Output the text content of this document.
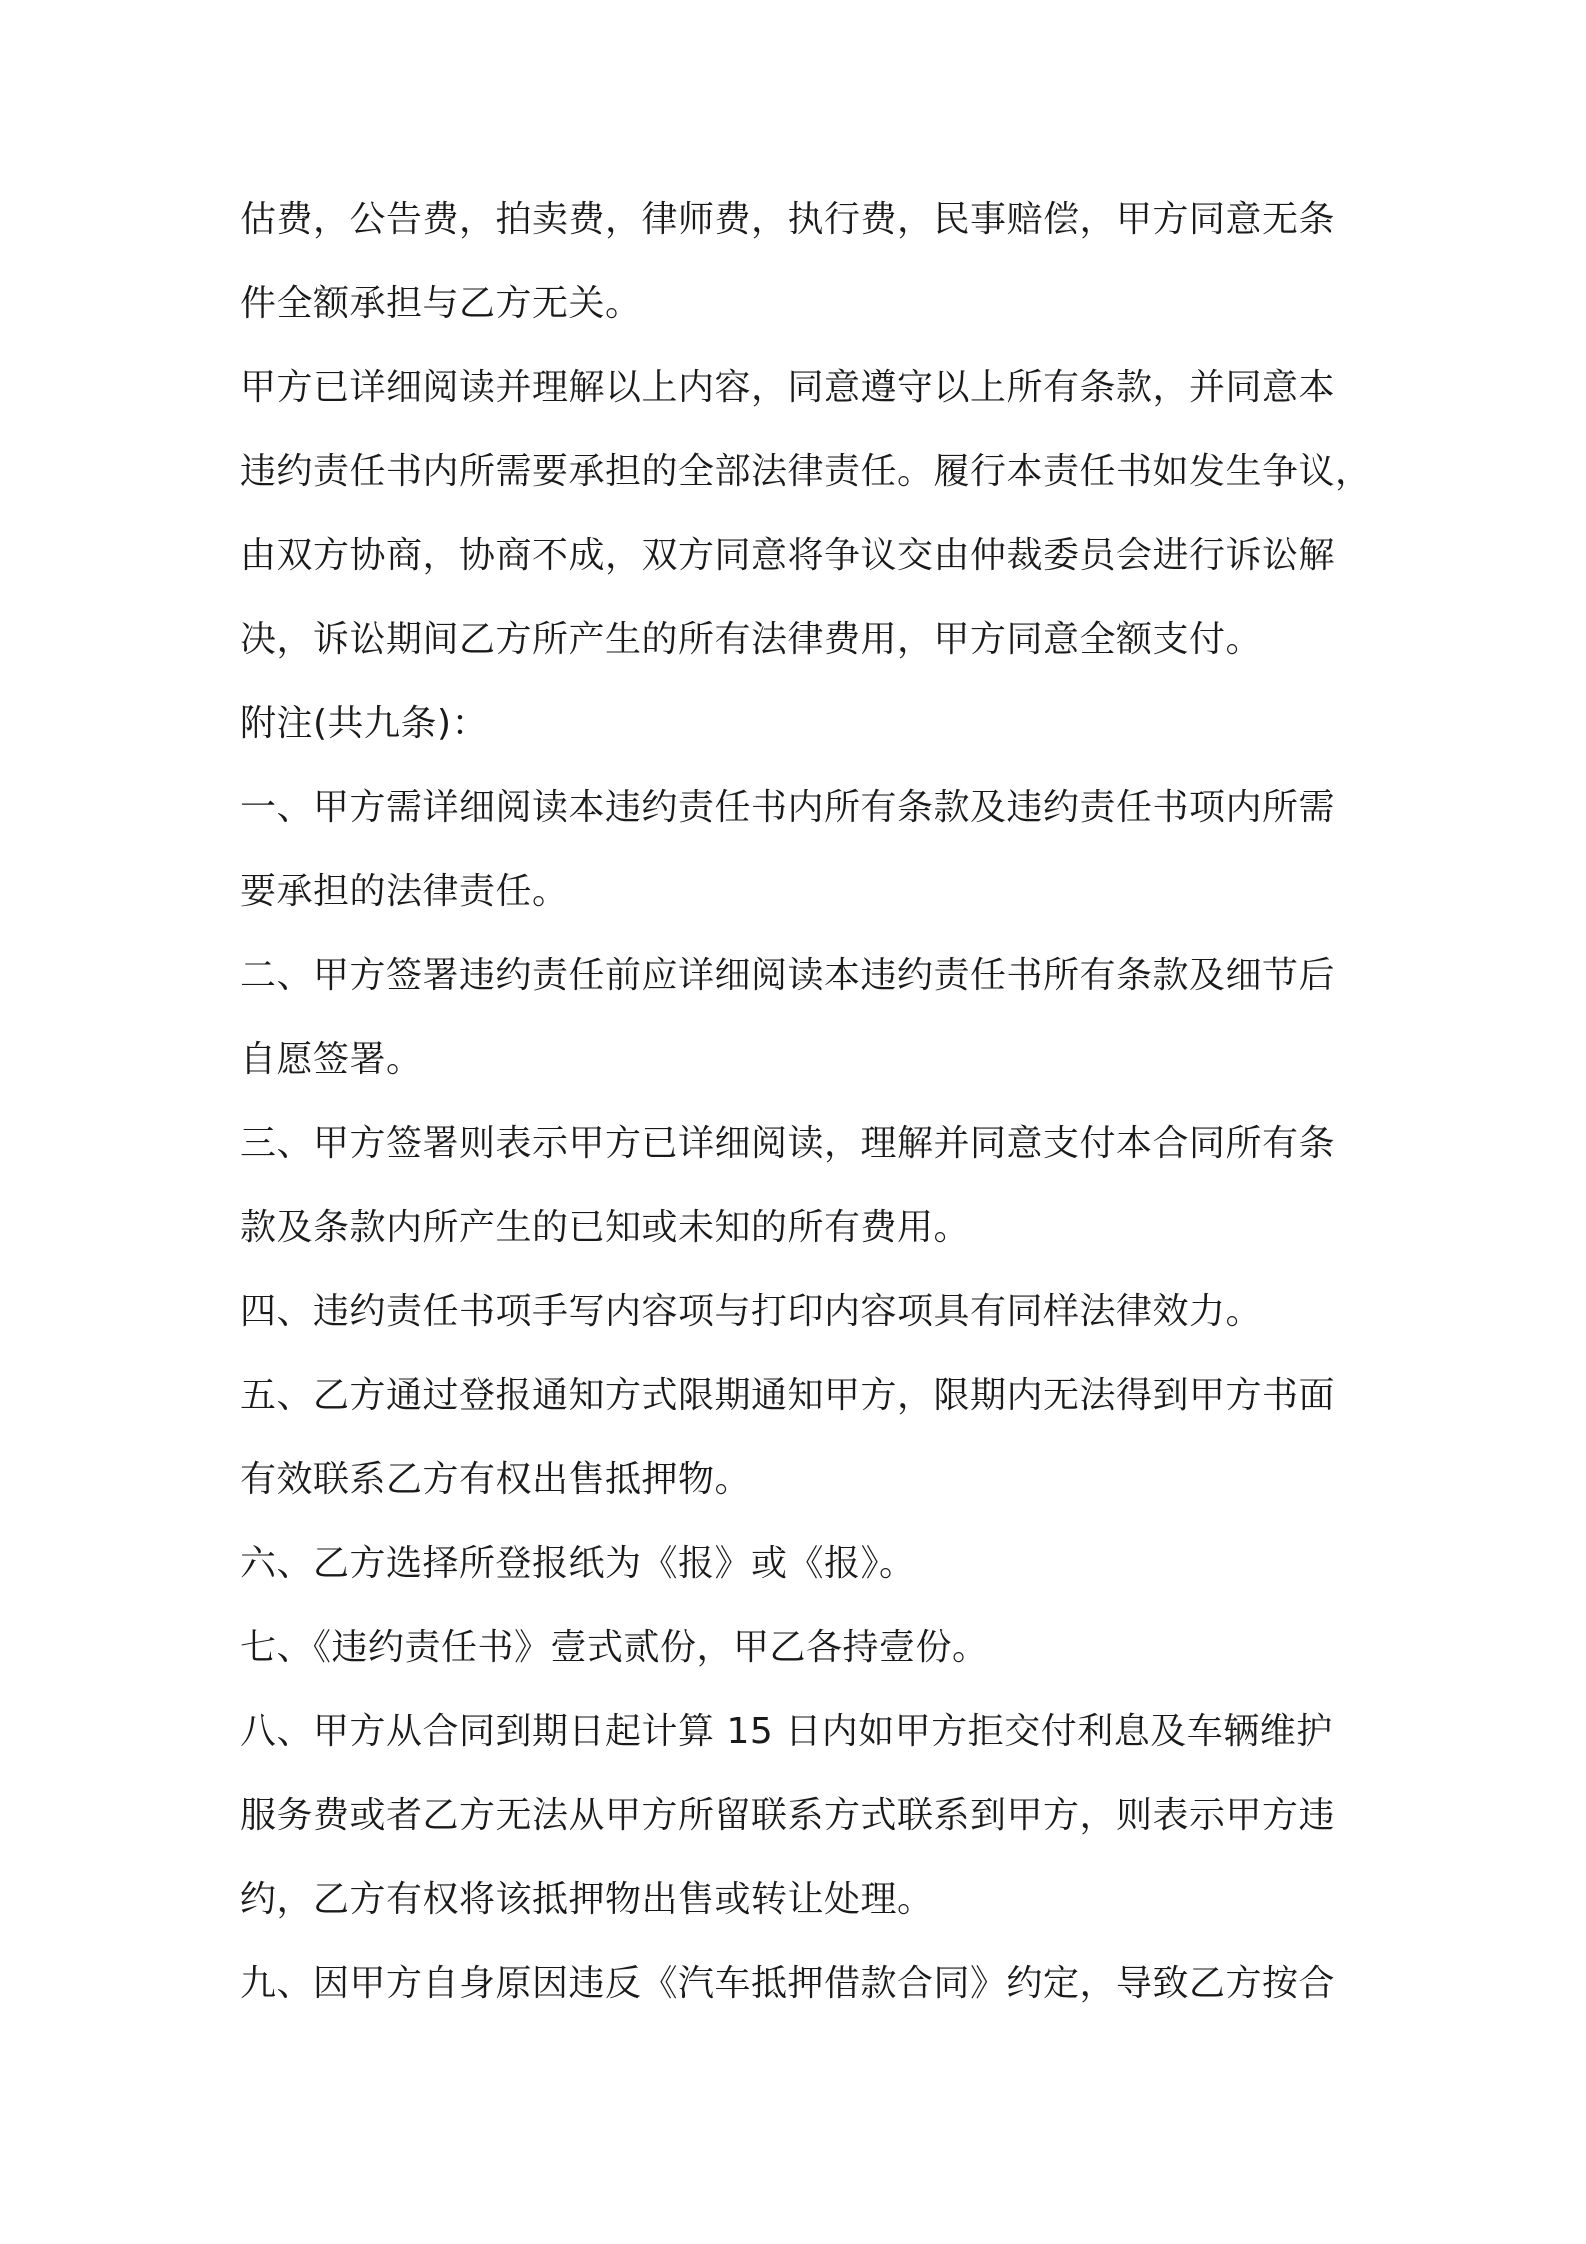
估费，公告费，拍卖费，律师费，执行费，民事赔偿，甲方同意无条
件全额承担与乙方无关。
甲方已详细阅读并理解以上内容，同意遵守以上所有条款，并同意本
违约责任书内所需要承担的全部法律责任。履行本责任书如发生争议，
由双方协商，协商不成，双方同意将争议交由仲裁委员会进行诉讼解
决，诉讼期间乙方所产生的所有法律费用，甲方同意全额支付。
附注(共九条)：
一、甲方需详细阅读本违约责任书内所有条款及违约责任书项内所需
要承担的法律责任。
二、甲方签署违约责任前应详细阅读本违约责任书所有条款及细节后
自愿签署。
三、甲方签署则表示甲方已详细阅读，理解并同意支付本合同所有条
款及条款内所产生的已知或未知的所有费用。
四、违约责任书项手写内容项与打印内容项具有同样法律效力。
五、乙方通过登报通知方式限期通知甲方，限期内无法得到甲方书面
有效联系乙方有权出售抵押物。
六、乙方选择所登报纸为《报》或《报》。
七、《违约责任书》壹式贰份，甲乙各持壹份。
八、甲方从合同到期日起计算 15 日内如甲方拒交付利息及车辆维护
服务费或者乙方无法从甲方所留联系方式联系到甲方，则表示甲方违
约，乙方有权将该抵押物出售或转让处理。
九、因甲方自身原因违反《汽车抵押借款合同》约定，导致乙方按合
